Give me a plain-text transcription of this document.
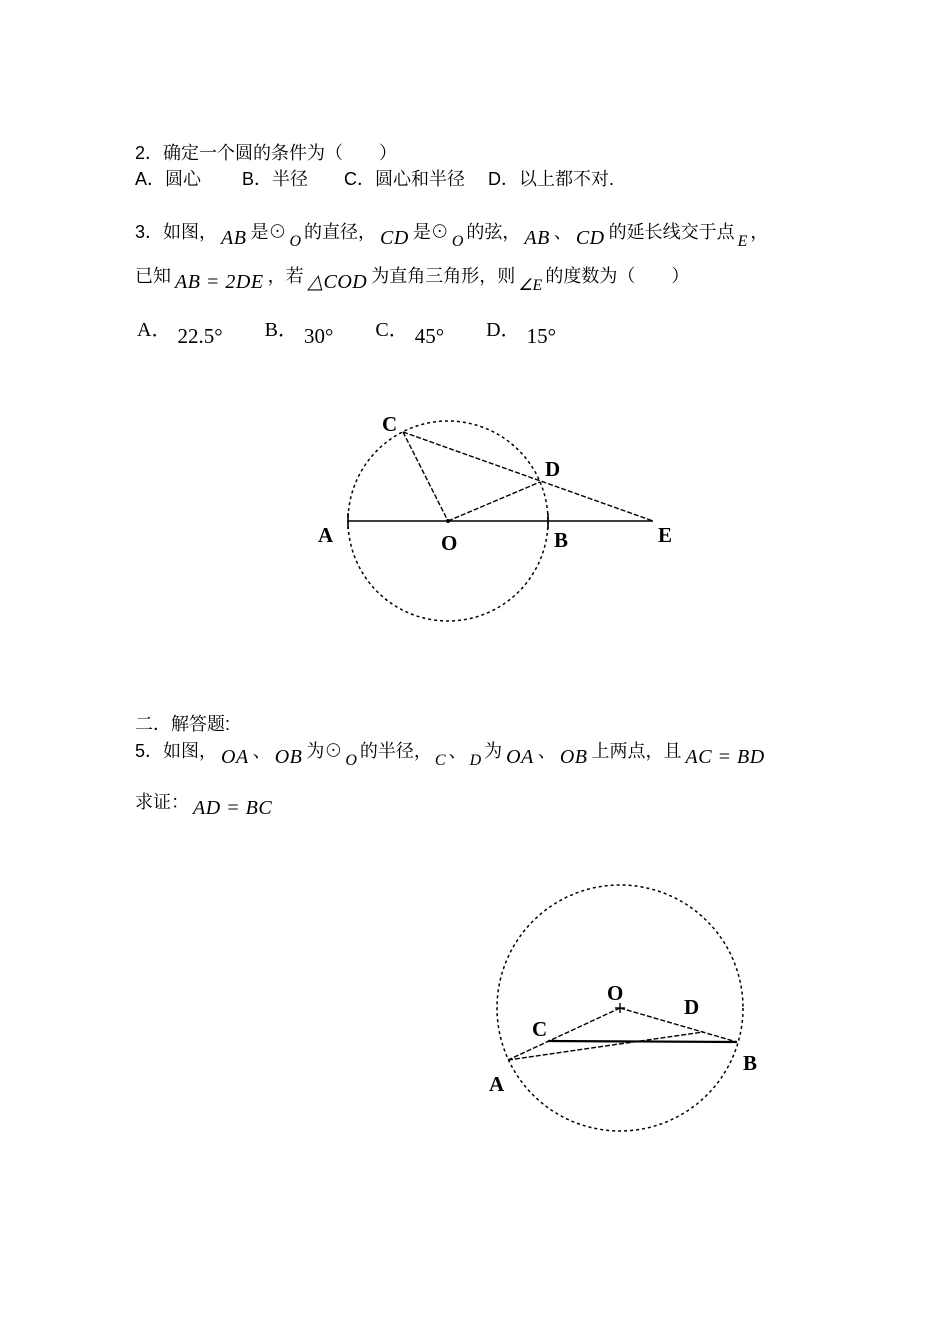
2．确定一个圆的条件为（　　）
A．圆心　　 B．半径　　C．圆心和半径　 D．以上都不对.
3．如图， AB 是⊙ O 的直径， CD 是⊙ O 的弦， AB 、 CD 的延长线交于点 E ，
已知 AB = 2DE ，若 △COD 为直角三角形，则 ∠E 的度数为（　　）
A． 22.5° B． 30° C． 45° D． 15°
C
D
A	O	B	E
二．解答题:
5．如图， OA 、 OB 为⊙ O 的半径， C 、 D 为 OA 、 OB 上两点，且 AC = BD
求证： AD = BC
O
C
D
A
B
